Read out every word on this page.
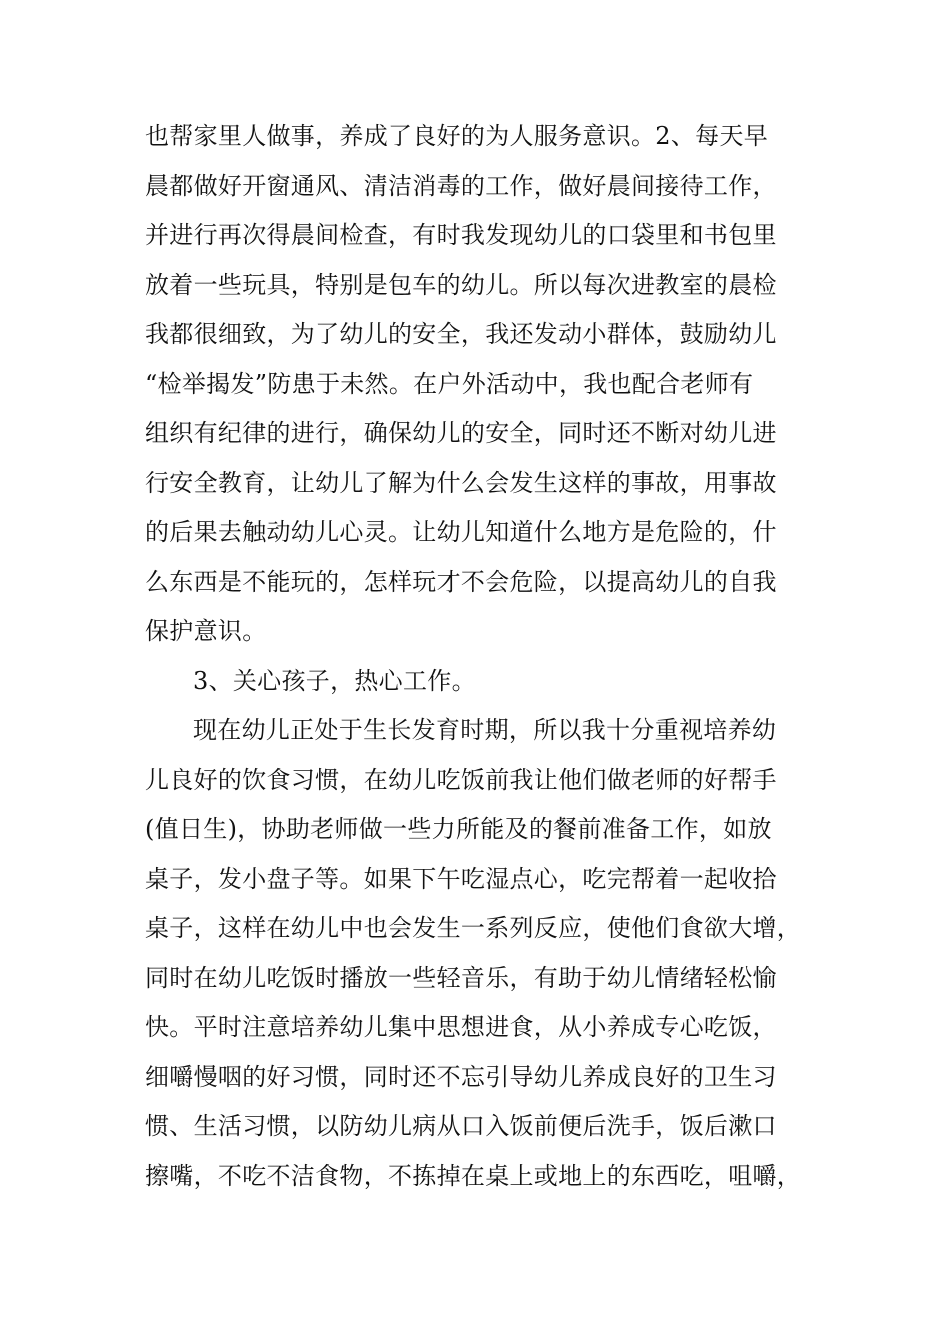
也帮家里人做事，养成了良好的为人服务意识。2、每天早
晨都做好开窗通风、清洁消毒的工作，做好晨间接待工作，
并进行再次得晨间检查，有时我发现幼儿的口袋里和书包里
放着一些玩具，特别是包车的幼儿。所以每次进教室的晨检
我都很细致，为了幼儿的安全，我还发动小群体，鼓励幼儿
“检举揭发”防患于未然。在户外活动中，我也配合老师有
组织有纪律的进行，确保幼儿的安全，同时还不断对幼儿进
行安全教育，让幼儿了解为什么会发生这样的事故，用事故
的后果去触动幼儿心灵。让幼儿知道什么地方是危险的，什
么东西是不能玩的，怎样玩才不会危险，以提高幼儿的自我
保护意识。
3、关心孩子，热心工作。
现在幼儿正处于生长发育时期，所以我十分重视培养幼
儿良好的饮食习惯，在幼儿吃饭前我让他们做老师的好帮手
(值日生)，协助老师做一些力所能及的餐前准备工作，如放
桌子，发小盘子等。如果下午吃湿点心，吃完帮着一起收拾
桌子，这样在幼儿中也会发生一系列反应，使他们食欲大增，
同时在幼儿吃饭时播放一些轻音乐，有助于幼儿情绪轻松愉
快。平时注意培养幼儿集中思想进食，从小养成专心吃饭，
细嚼慢咽的好习惯，同时还不忘引导幼儿养成良好的卫生习
惯、生活习惯，以防幼儿病从口入饭前便后洗手，饭后漱口
擦嘴，不吃不洁食物，不拣掉在桌上或地上的东西吃，咀嚼，
